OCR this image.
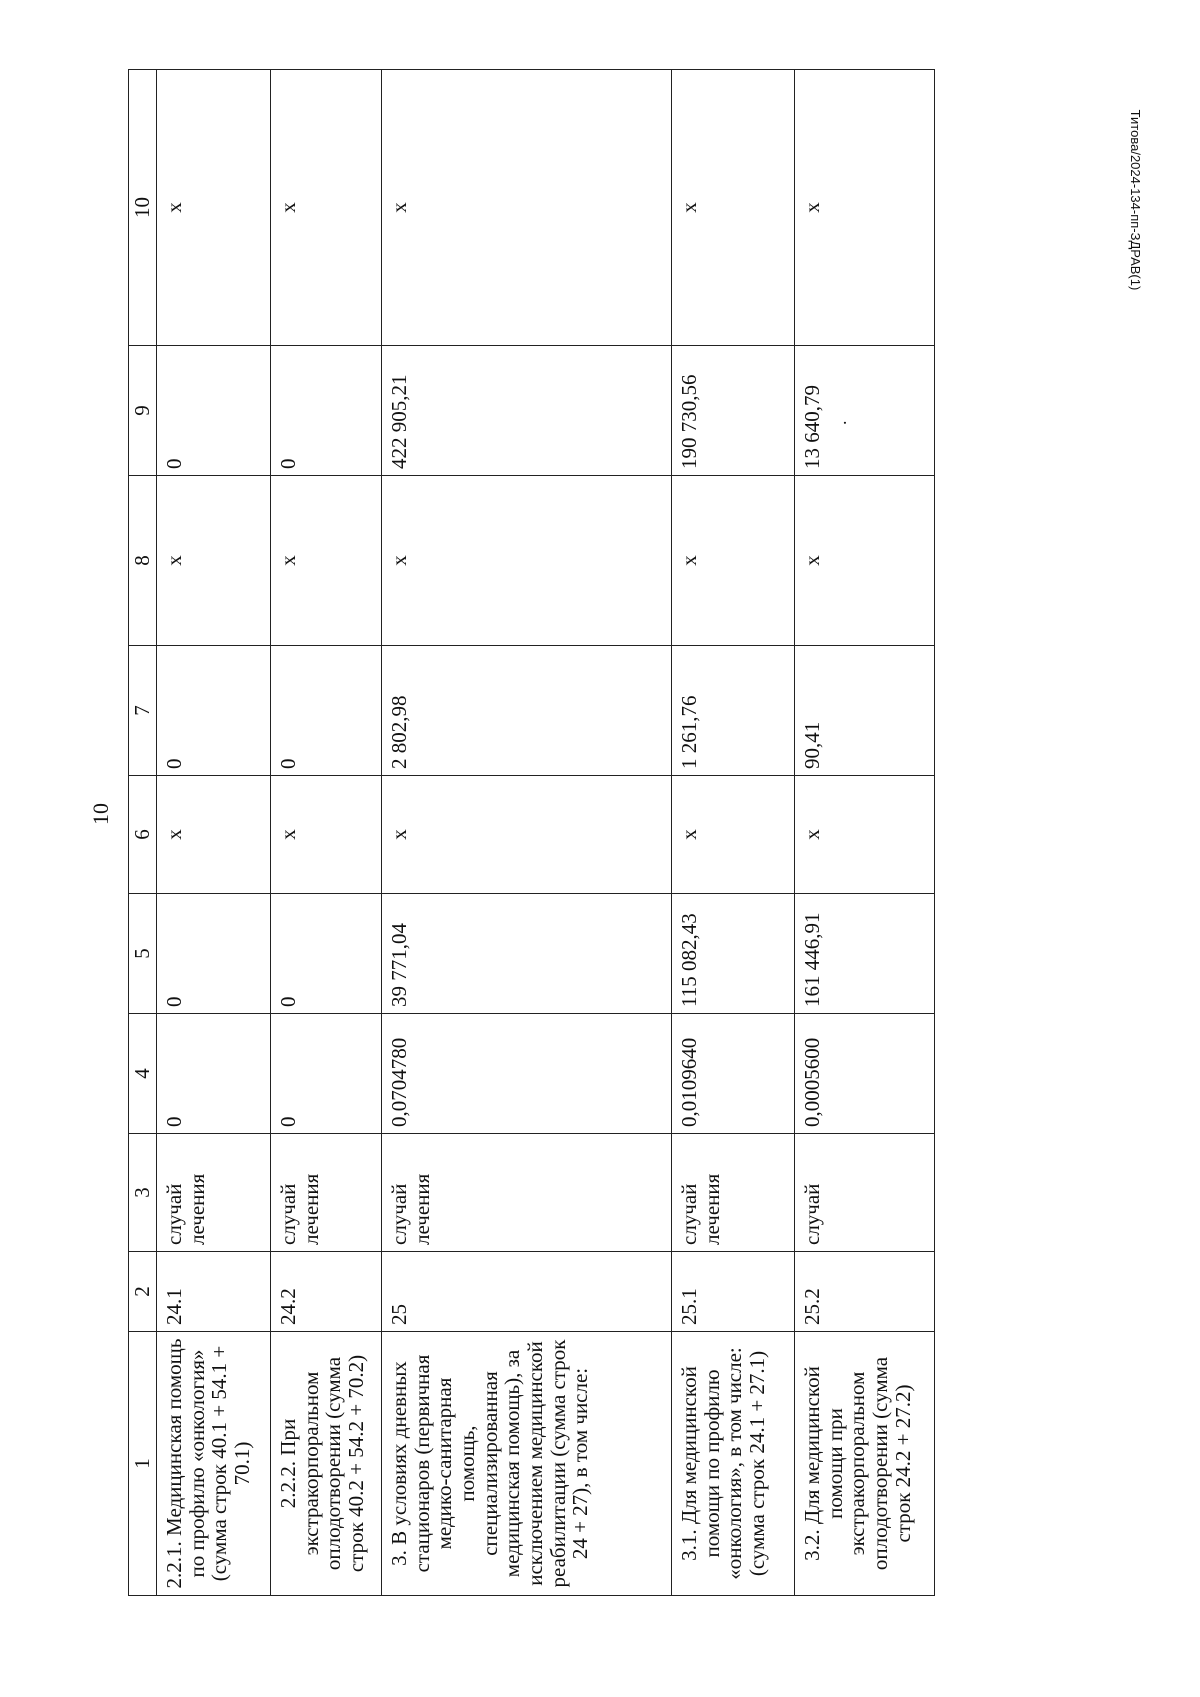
10
Титова/2024-134-пп-ЗДРАВ(1)
1	2	3	4	5	6	7	8	9	10
2.2.1. Медицинская помощь по профилю «онкология» (сумма строк 40.1 + 54.1 + 70.1)	24.1	случай лечения	0	0	х	0	х	0	х
2.2.2. При экстракорпоральном оплодотворении (сумма строк 40.2 + 54.2 + 70.2)	24.2	случай лечения	0	0	х	0	х	0	х
3. В условиях дневных стационаров (первичная медико-санитарная помощь, специализированная медицинская помощь), за исключением медицинской реабилитации (сумма строк 24 + 27), в том числе:	25	случай лечения	0,0704780	39 771,04	х	2 802,98	х	422 905,21	х
3.1. Для медицинской помощи по профилю «онкология», в том числе: (сумма строк 24.1 + 27.1)	25.1	случай лечения	0,0109640	115 082,43	х	1 261,76	х	190 730,56	х
3.2. Для медицинской помощи при экстракорпоральном оплодотворении (сумма строк 24.2 + 27.2)	25.2	случай	0,0005600	161 446,91	х	90,41	х	13 640,79 .	х
